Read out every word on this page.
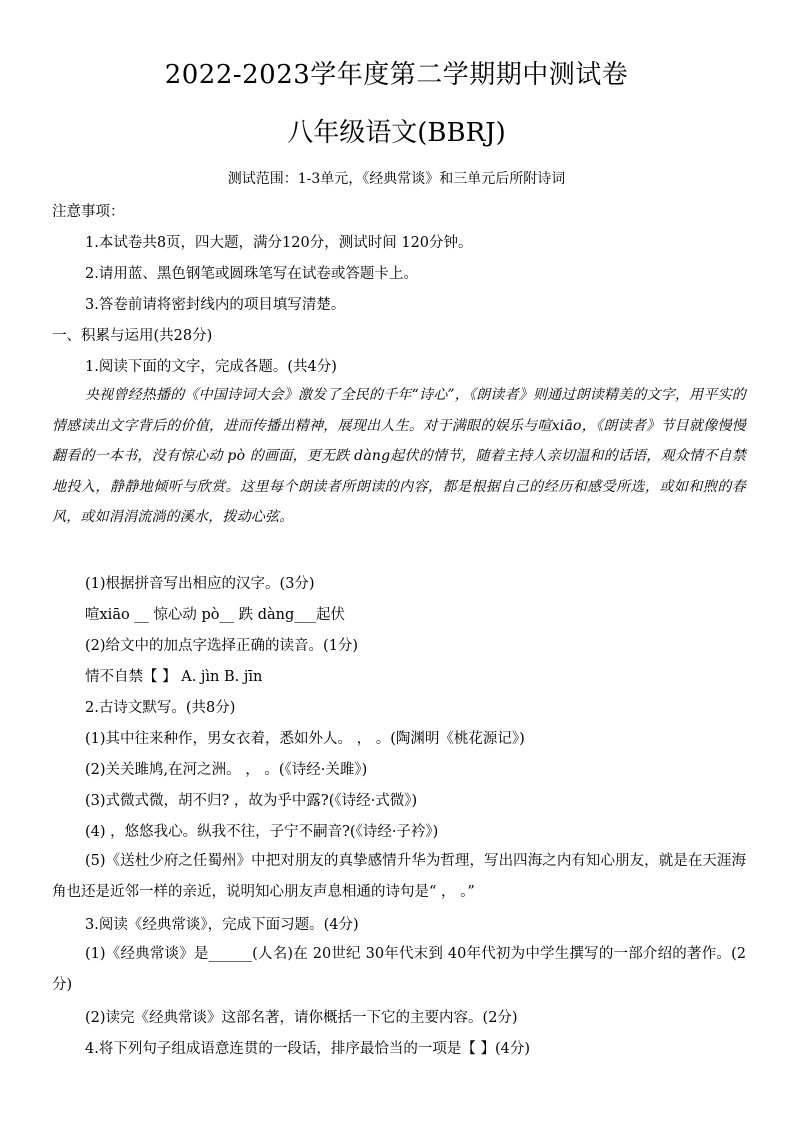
2022-2023学年度第二学期期中测试卷
八年级语文(BBRJ)
测试范围：1-3单元，《经典常谈》和三单元后所附诗词
注意事项：
1.本试卷共8页，四大题，满分120分，测试时间 120分钟。
2.请用蓝、黑色钢笔或圆珠笔写在试卷或答题卡上。
3.答卷前请将密封线内的项目填写清楚。
一、积累与运用(共28分)
1.阅读下面的文字，完成各题。(共4分)
央视曾经热播的《中国诗词大会》激发了全民的千年“诗心”，《朗读者》则通过朗读精美的文字，用平实的情感读出文字背后的价值，进而传播出精神，展现出人生。对于满眼的娱乐与喧xiāo，《朗读者》节目就像慢慢翻看的一本书，没有惊心动 pò 的画面，更无跌 dàng起伏的情节，随着主持人亲切温和的话语，观众情不自禁地投入，静静地倾听与欣赏。这里每个朗读者所朗读的内容，都是根据自己的经历和感受所选，或如和煦的春风，或如涓涓流淌的溪水，拨动心弦。
(1)根据拼音写出相应的汉字。(3分)
喧xiāo __ 惊心动 pò__ 跌 dàng___起伏
(2)给文中的加点字选择正确的读音。(1分)
情不自禁【 】 A. jìn B. jīn
2.古诗文默写。(共8分)
(1)其中往来种作，男女衣着，悉如外人。 ， 。(陶渊明《桃花源记》)
(2)关关雎鸠,在河之洲。 ， 。(《诗经·关雎》)
(3)式微式微，胡不归? ，故为乎中露?(《诗经·式微》)
(4) ，悠悠我心。纵我不往，子宁不嗣音?(《诗经·子衿》)
(5)《送杜少府之任蜀州》中把对朋友的真挚感情升华为哲理，写出四海之内有知心朋友，就是在天涯海角也还是近邻一样的亲近，说明知心朋友声息相通的诗句是“ ， 。”
3.阅读《经典常谈》，完成下面习题。(4分)
(1)《经典常谈》是______(人名)在 20世纪 30年代末到 40年代初为中学生撰写的一部介绍的著作。(2分)
(2)读完《经典常谈》这部名著，请你概括一下它的主要内容。(2分)
4.将下列句子组成语意连贯的一段话，排序最恰当的一项是【 】(4分)
